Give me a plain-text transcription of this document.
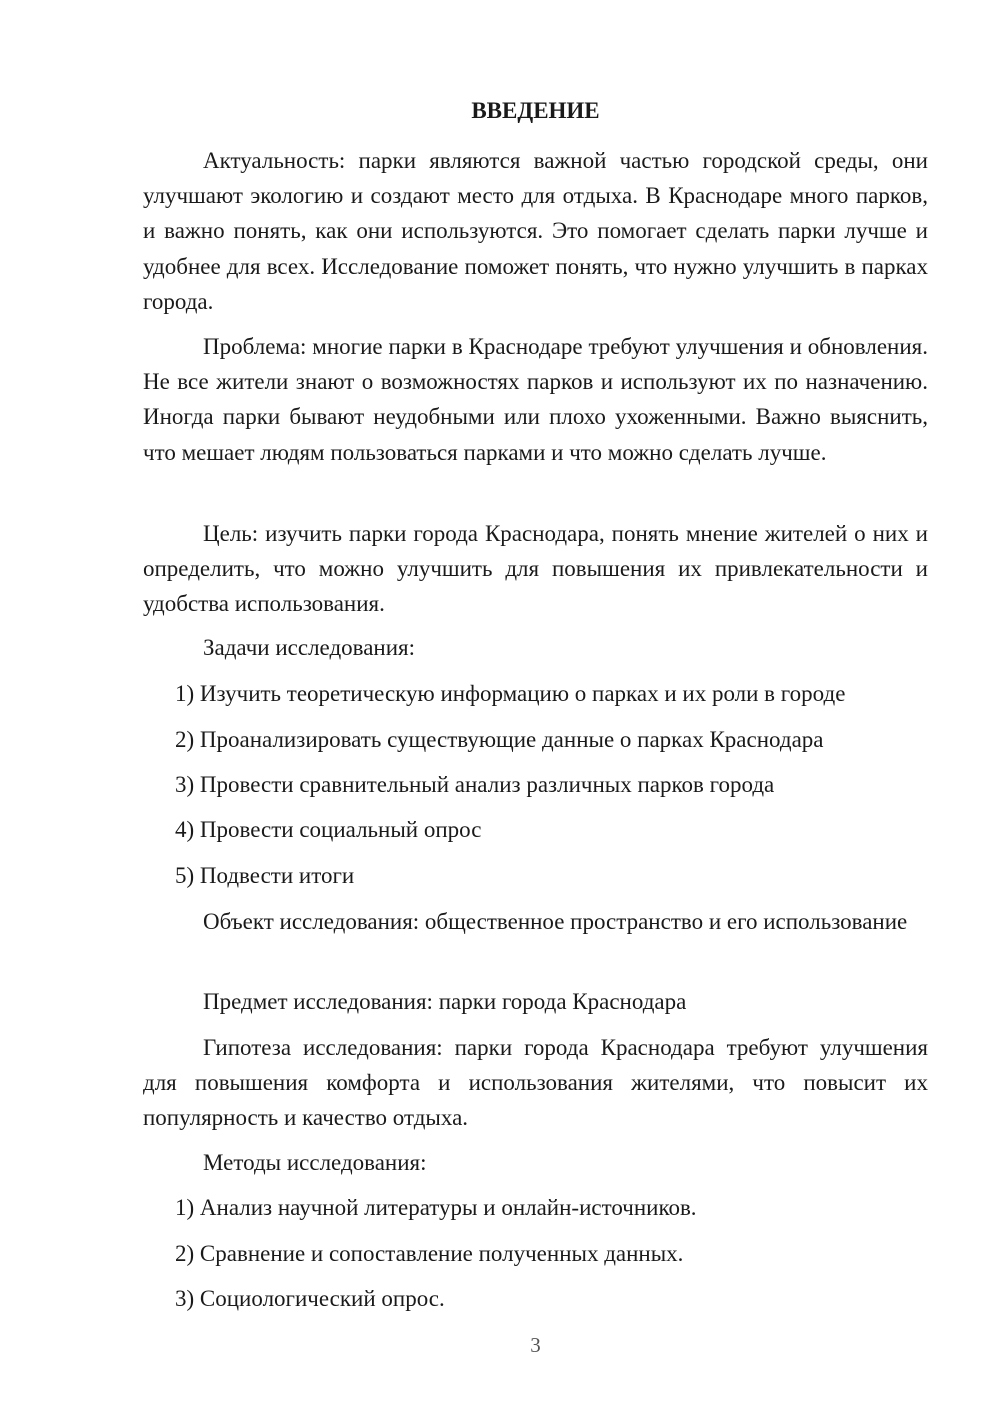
ВВЕДЕНИЕ

Актуальность: парки являются важной частью городской среды, они улучшают экологию и создают место для отдыха. В Краснодаре много парков, и важно понять, как они используются. Это помогает сделать парки лучше и удобнее для всех. Исследование поможет понять, что нужно улучшить в парках города.

Проблема: многие парки в Краснодаре требуют улучшения и обновления. Не все жители знают о возможностях парков и используют их по назначению. Иногда парки бывают неудобными или плохо ухоженными. Важно выяснить, что мешает людям пользоваться парками и что можно сделать лучше.

Цель: изучить парки города Краснодара, понять мнение жителей о них и определить, что можно улучшить для повышения их привлекательности и удобства использования.

Задачи исследования:
1) Изучить теоретическую информацию о парках и их роли в городе
2) Проанализировать существующие данные о парках Краснодара
3) Провести сравнительный анализ различных парков города
4) Провести социальный опрос
5) Подвести итоги

Объект исследования: общественное пространство и его использование

Предмет исследования: парки города Краснодара

Гипотеза исследования: парки города Краснодара требуют улучшения для повышения комфорта и использования жителями, что повысит их популярность и качество отдыха.

Методы исследования:
1) Анализ научной литературы и онлайн-источников.
2) Сравнение и сопоставление полученных данных.
3) Социологический опрос.
3
